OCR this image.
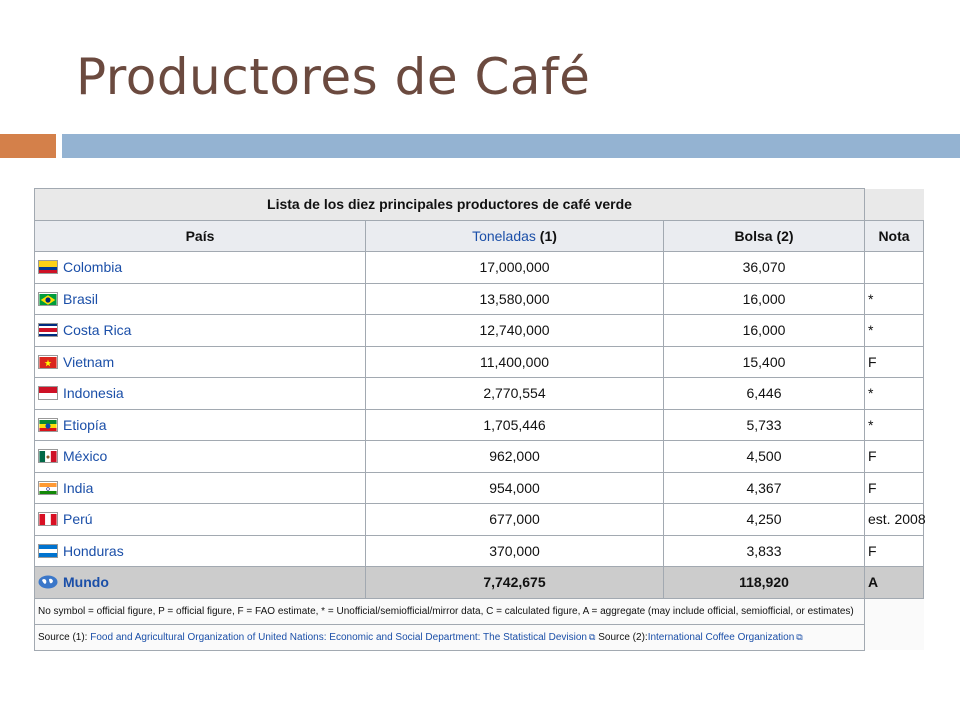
Productores de Café
Lista de los diez principales productores de café verde			
País	Toneladas (1)	Bolsa (2)	Nota
Colombia	17,000,000	36,070	
Brasil	13,580,000	16,000	*
Costa Rica	12,740,000	16,000	*
Vietnam	11,400,000	15,400	F
Indonesia	2,770,554	6,446	*
Etiopía	1,705,446	5,733	*
México	962,000	4,500	F
India	954,000	4,367	F
Perú	677,000	4,250	est. 2008
Honduras	370,000	3,833	F
Mundo	7,742,675	118,920	A
No symbol = official figure, P = official figure, F = FAO estimate, * = Unofficial/semiofficial/mirror data, C = calculated figure, A = aggregate (may include official, semiofficial, or estimates)			
Source (1): Food and Agricultural Organization of United Nations: Economic and Social Department: The Statistical Devision ⧉ Source (2):International Coffee Organization ⧉			
